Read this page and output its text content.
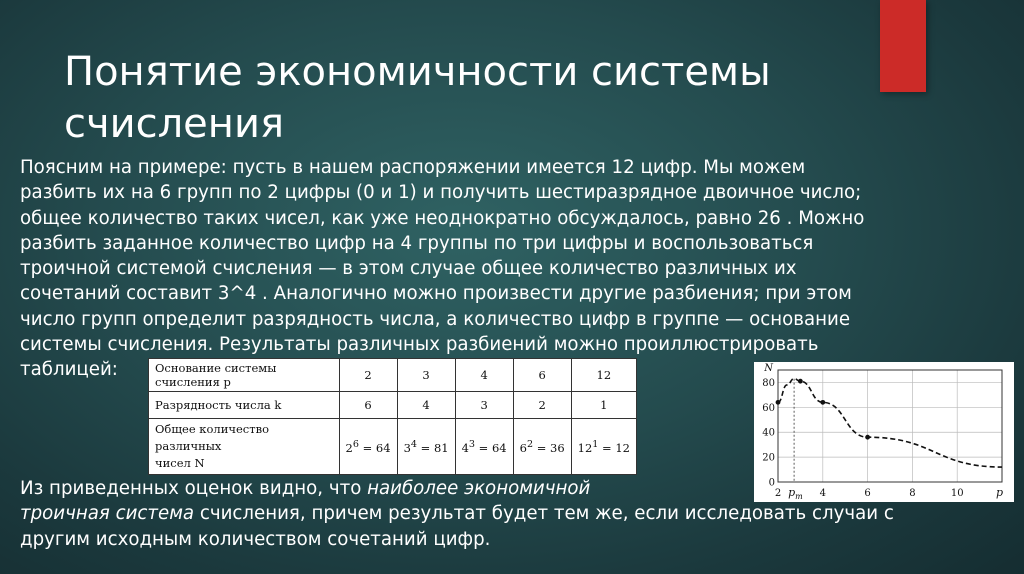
Понятие экономичности системы
счисления
Поясним на примере: пусть в нашем распоряжении имеется 12 цифр. Мы можем
разбить их на 6 групп по 2 цифры (0 и 1) и получить шестиразрядное двоичное число;
общее количество таких чисел, как уже неоднократно обсуждалось, равно 26 . Можно
разбить заданное количество цифр на 4 группы по три цифры и воспользоваться
троичной системой счисления — в этом случае общее количество различных их
сочетаний составит 3^4 . Аналогично можно произвести другие разбиения; при этом
число групп определит разрядность числа, а количество цифр в группе — основание
системы счисления. Результаты различных разбиений можно проиллюстрировать
таблицей:	Основание системы счисления p	2	3	4	6	12
Разрядность числа k	6	4	3	2	1
Общее количество различных
чисел N	$2^6 = 64$	$3^4 = 81$	$4^3 = 64$	$6^2 = 36$	$12^1 = 12$
0
20
40
60
80
2	4	6	8	10
N
p
$p_m$
Из приведенных оценок видно, что наиболее экономичной
троичная система счисления, причем результат будет тем же, если исследовать случаи с
другим исходным количеством сочетаний цифр.
